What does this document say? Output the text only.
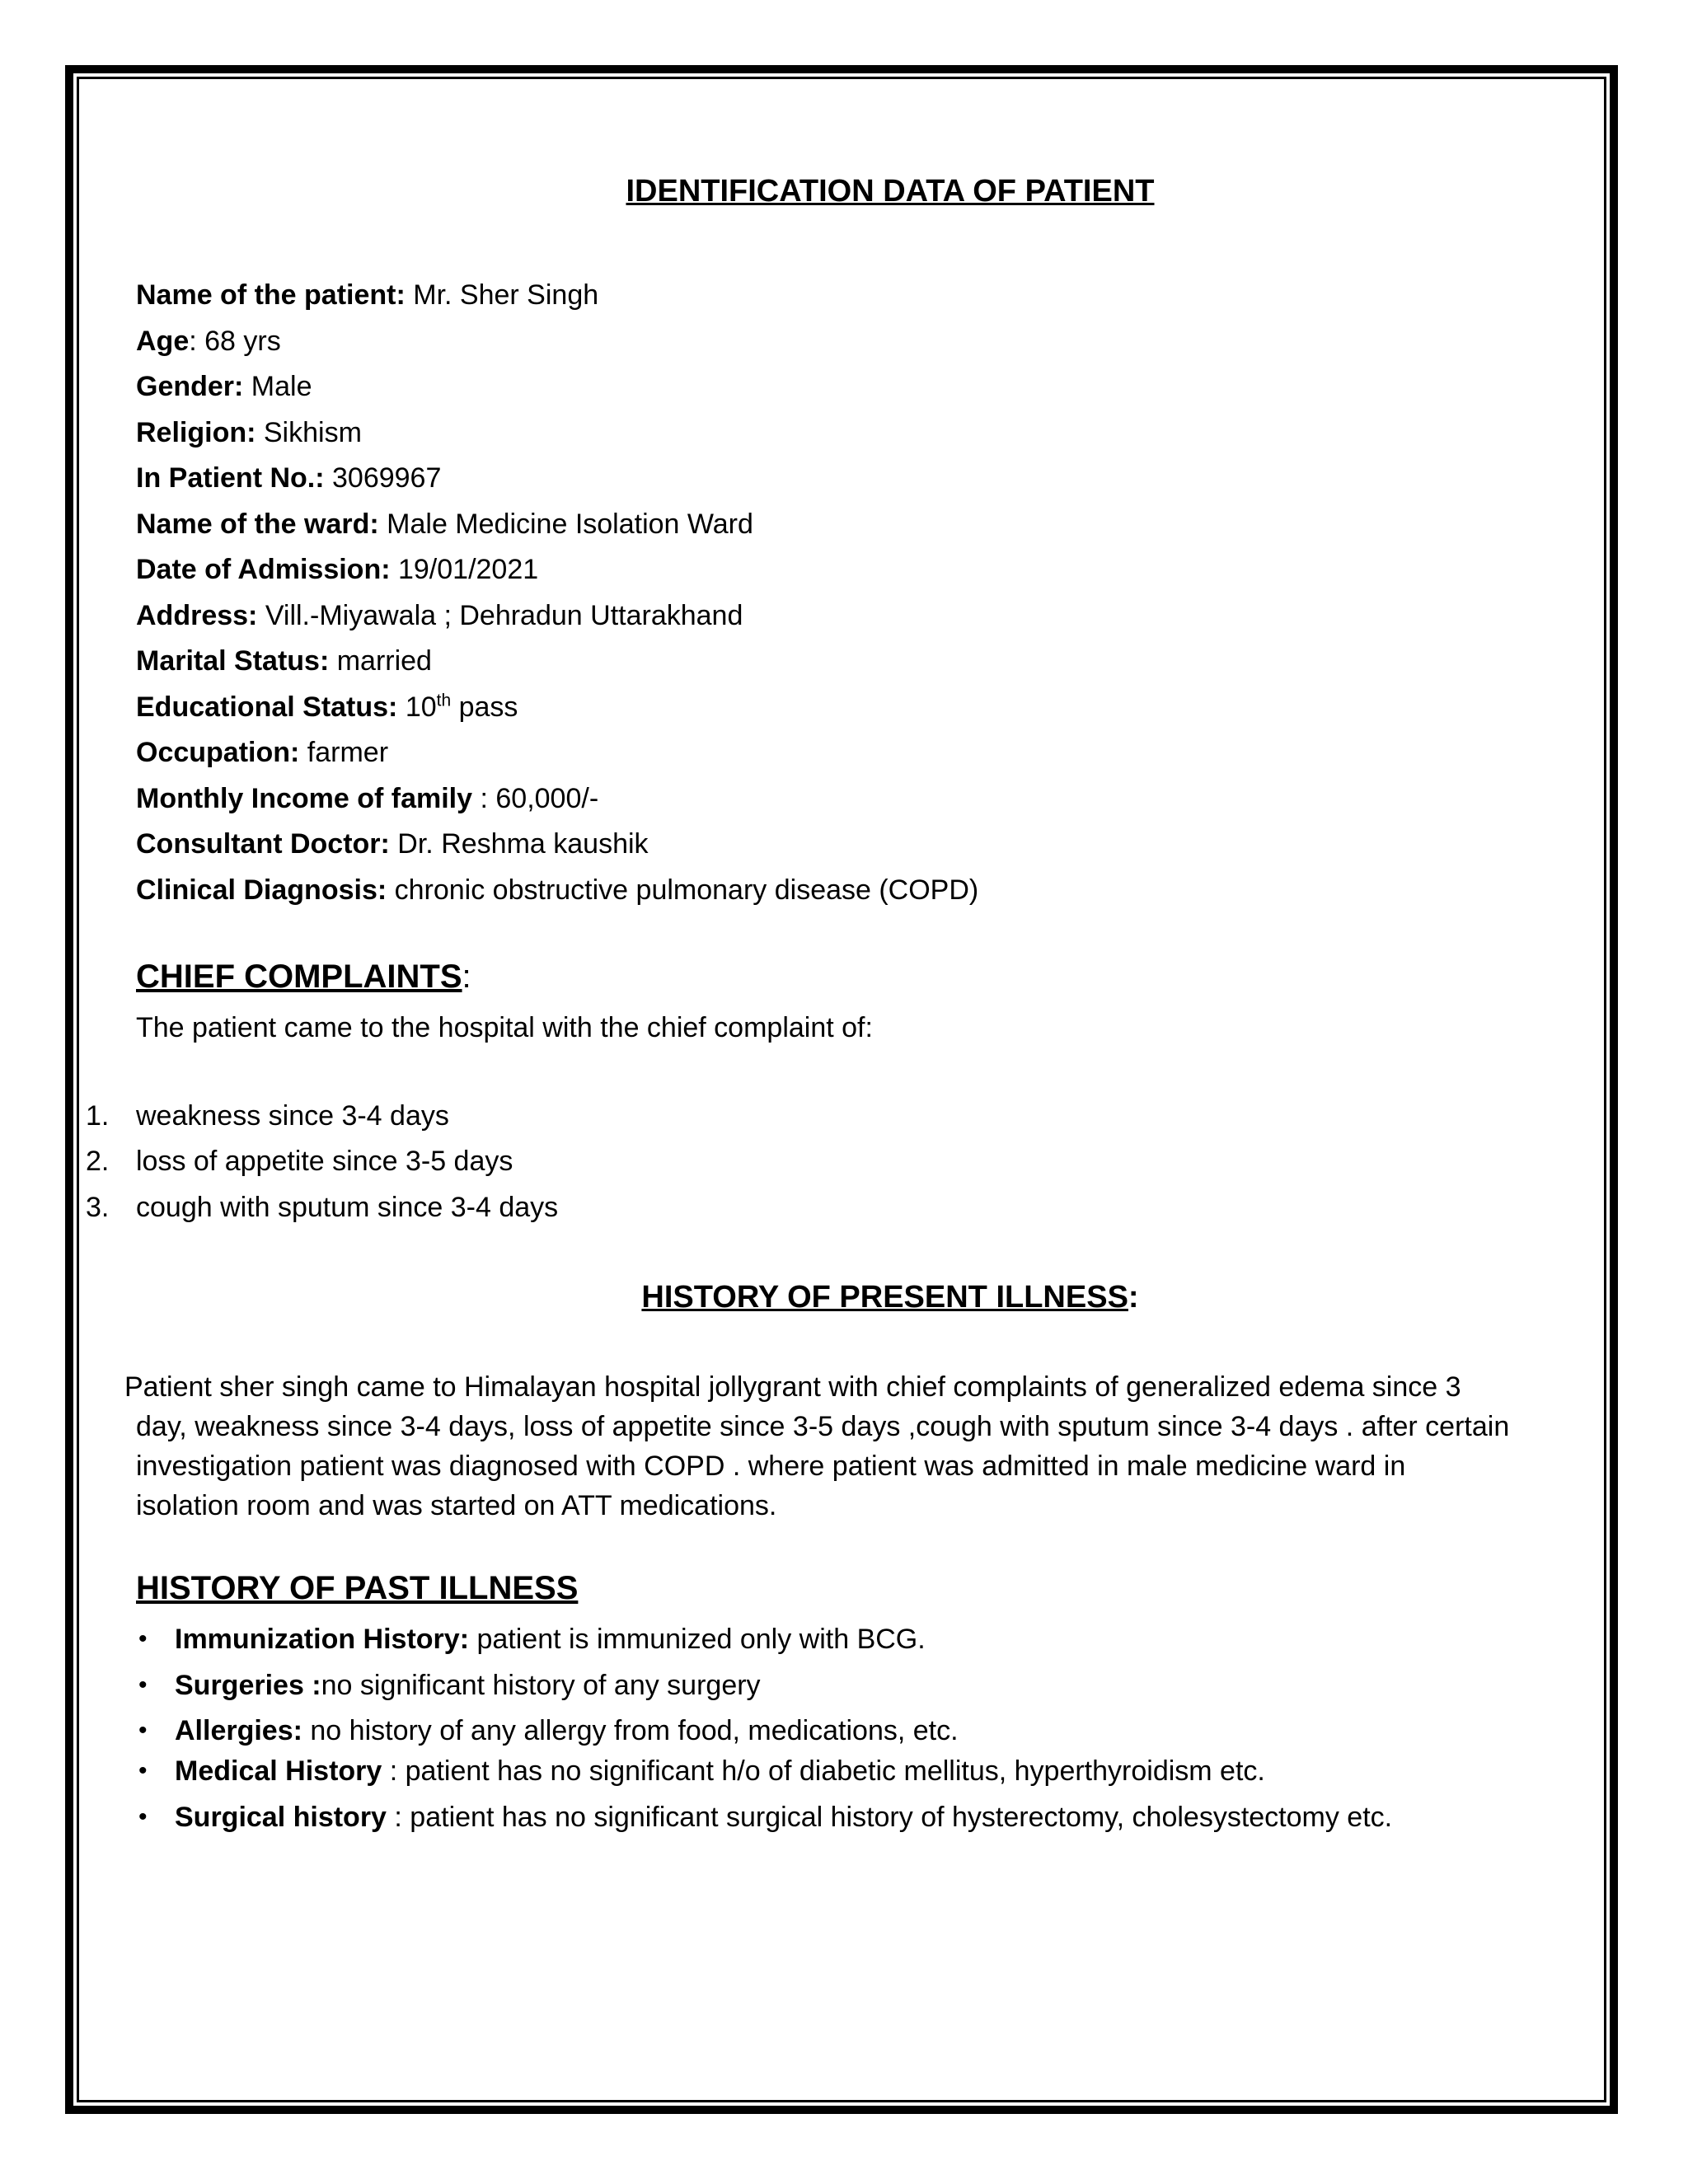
IDENTIFICATION DATA OF PATIENT
Name of the patient: Mr. Sher Singh
Age: 68 yrs
Gender: Male
Religion: Sikhism
In Patient No.: 3069967
Name of the ward: Male Medicine Isolation Ward
Date of Admission: 19/01/2021
Address: Vill.-Miyawala ; Dehradun Uttarakhand
Marital Status: married
Educational Status: 10th pass
Occupation: farmer
Monthly Income of family : 60,000/-
Consultant Doctor: Dr. Reshma kaushik
Clinical Diagnosis: chronic obstructive pulmonary disease (COPD)
CHIEF COMPLAINTS:
The patient came to the hospital with the chief complaint of:
1. weakness since 3-4 days
2. loss of appetite since 3-5 days
3. cough with sputum since 3-4 days
HISTORY OF PRESENT ILLNESS:
Patient sher singh came to Himalayan hospital jollygrant with chief complaints of generalized edema since 3
day, weakness since 3-4 days, loss of appetite since 3-5 days ,cough with sputum since 3-4 days . after certain
investigation patient was diagnosed with COPD . where patient was admitted in male medicine ward in
isolation room and was started on ATT medications.
HISTORY OF PAST ILLNESS
• Immunization History: patient is immunized only with BCG.
• Surgeries :no significant history of any surgery
• Allergies: no history of any allergy from food, medications, etc.
• Medical History : patient has no significant h/o of diabetic mellitus, hyperthyroidism etc.
• Surgical history : patient has no significant surgical history of hysterectomy, cholesystectomy etc.
